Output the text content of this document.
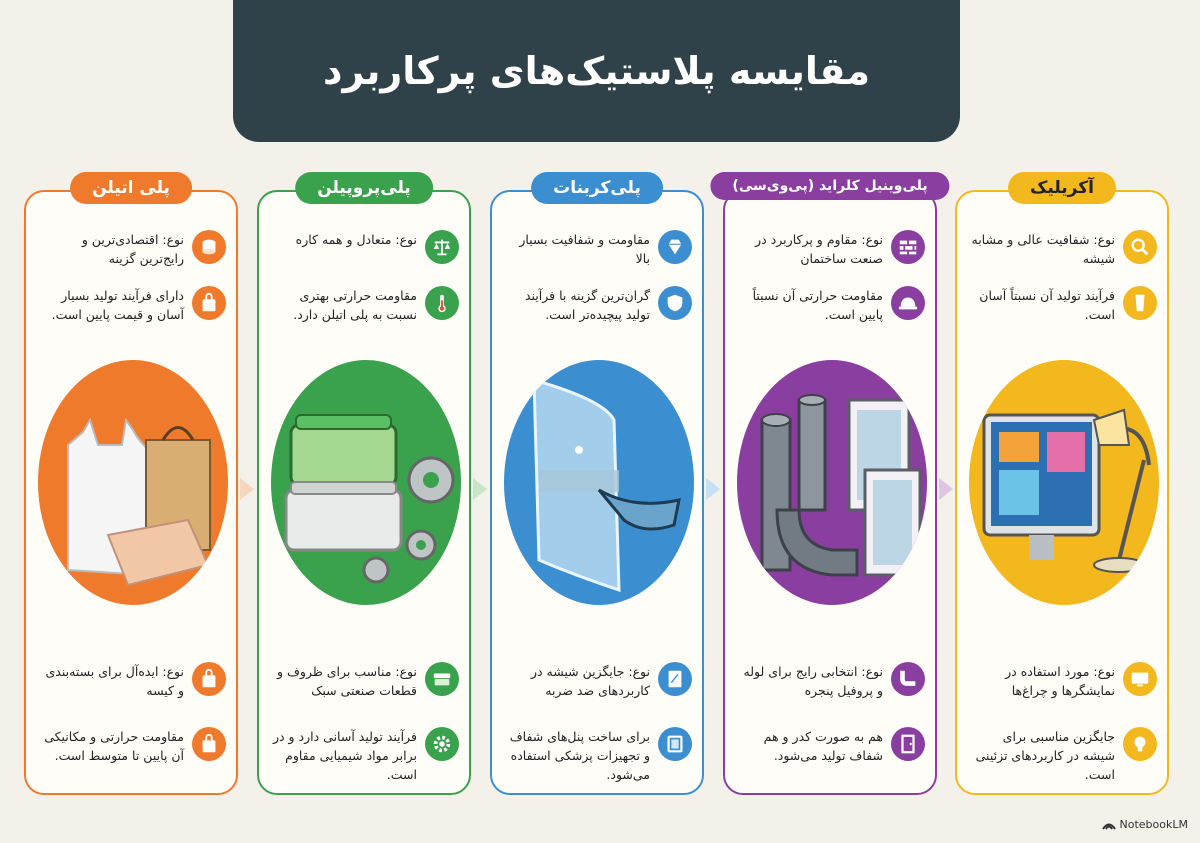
مقایسه پلاستیک‌های پرکاربرد
پلی اتیلن
نوع: اقتصادی‌ترین و رایج‌ترین گزینه
دارای فرآیند تولید بسیار آسان و قیمت پایین است.
نوع: ایده‌آل برای بسته‌بندی و کیسه
مقاومت حرارتی و مکانیکی آن پایین تا متوسط است.
پلی‌پروپیلن
نوع: متعادل و همه کاره
مقاومت حرارتی بهتری نسبت به پلی اتیلن دارد.
نوع: مناسب برای ظروف و قطعات صنعتی سبک
فرآیند تولید آسانی دارد و در برابر مواد شیمیایی مقاوم است.
پلی‌کربنات
مقاومت و شفافیت بسیار بالا
گران‌ترین گزینه با فرآیند تولید پیچیده‌تر است.
نوع: جایگزین شیشه در کاربردهای ضد ضربه
برای ساخت پنل‌های شفاف و تجهیزات پزشکی استفاده می‌شود.
پلی‌وینیل کلراید (پی‌وی‌سی)
نوع: مقاوم و پرکاربرد در صنعت ساختمان
مقاومت حرارتی آن نسبتاً پایین است.
نوع: انتخابی رایج برای لوله و پروفیل پنجره
هم به صورت کدر و هم شفاف تولید می‌شود.
آکریلیک
نوع: شفافیت عالی و مشابه شیشه
فرآیند تولید آن نسبتاً آسان است.
نوع: مورد استفاده در نمایشگرها و چراغ‌ها
جایگزین مناسبی برای شیشه در کاربردهای تزئینی است.
NotebookLM
